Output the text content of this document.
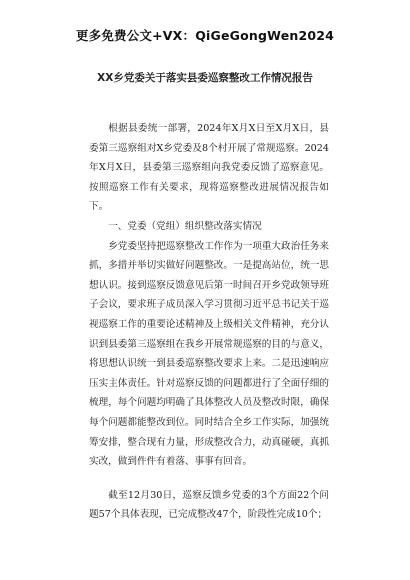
更多免费公文+VX：QiGeGongWen2024
XX乡党委关于落实县委巡察整改工作情况报告

根据县委统一部署，2024年X月X日至X月X日，县委第三巡察组对X乡党委及8个村开展了常规巡察。2024年X月X日，县委第三巡察组向我党委反馈了巡察意见。按照巡察工作有关要求，现将巡察整改进展情况报告如下。

一、党委（党组）组织整改落实情况

乡党委坚持把巡察整改工作作为一项重大政治任务来抓，多措并举切实做好问题整改。一是提高站位，统一思想认识。接到巡察反馈意见后第一时间召开乡党政领导班子会议，要求班子成员深入学习贯彻习近平总书记关于巡视巡察工作的重要论述精神及上级相关文件精神，充分认识到县委第三巡察组在我乡开展常规巡察的目的与意义，将思想认识统一到县委巡察整改要求上来。二是迅速响应压实主体责任。针对巡察反馈的问题都进行了全面仔细的梳理，每个问题均明确了具体整改人员及整改时限，确保每个问题都能整改到位。同时结合全乡工作实际，加强统筹安排，整合现有力量，形成整改合力，动真碰硬，真抓实改，做到件件有着落、事事有回音。

截至12月30日，巡察反馈乡党委的3个方面22个问题57个具体表现，已完成整改47个，阶段性完成10个；
